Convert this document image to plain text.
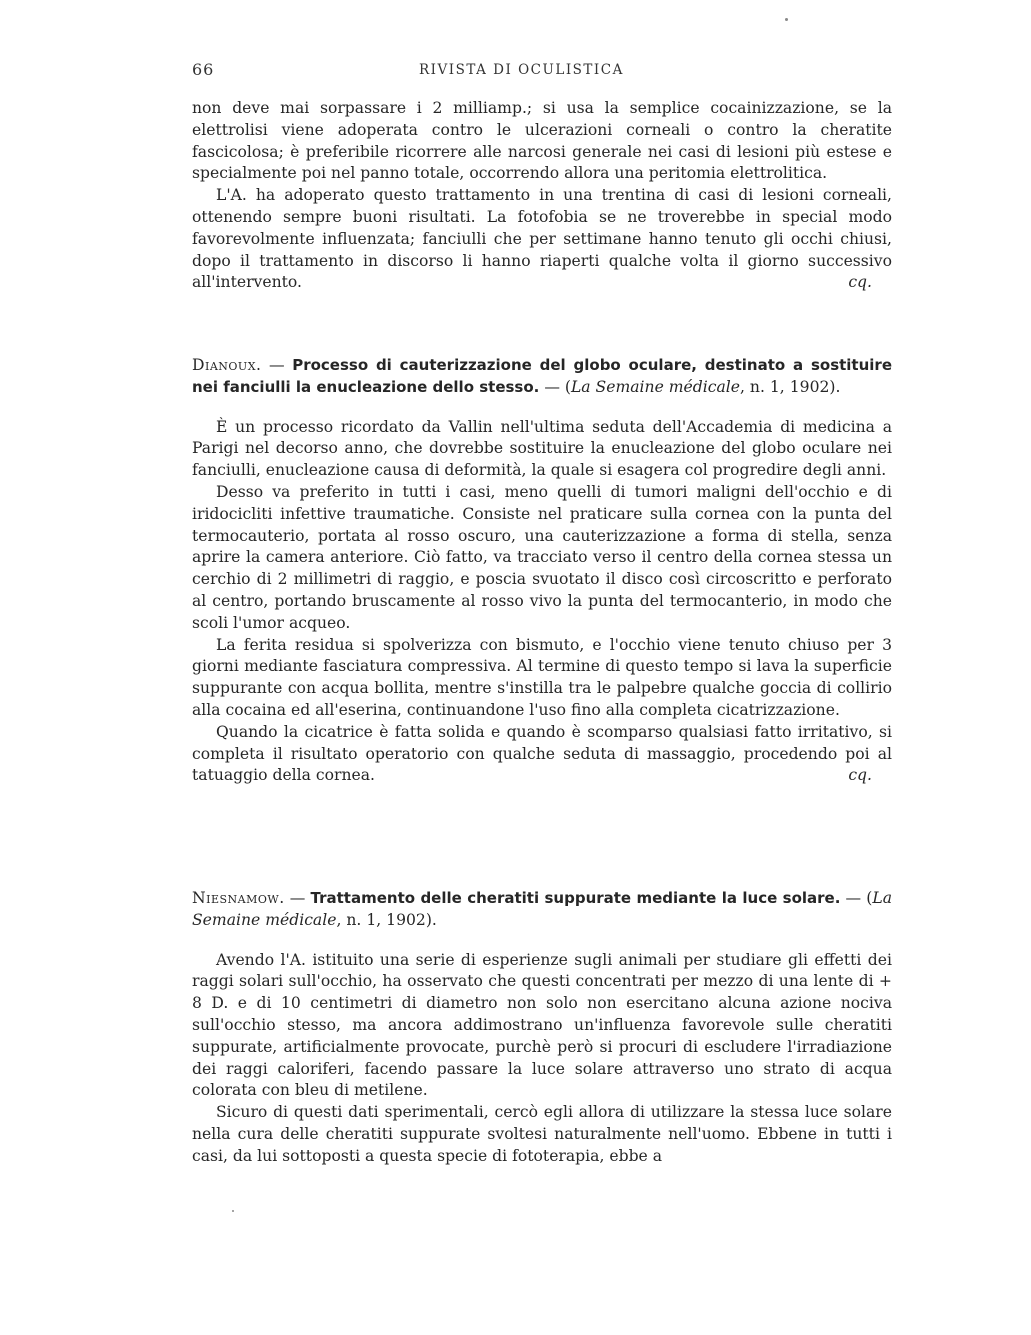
66	RIVISTA DI OCULISTICA

non deve mai sorpassare i 2 milliamp.; si usa la semplice cocainizzazione, se la elettrolisi viene adoperata contro le ulcerazioni corneali o contro la cheratite fascicolosa; è preferibile ricorrere alle narcosi generale nei casi di lesioni più estese e specialmente poi nel panno totale, occorrendo allora una peritomia elettrolitica.

L'A. ha adoperato questo trattamento in una trentina di casi di lesioni corneali, ottenendo sempre buoni risultati. La fotofobia se ne troverebbe in special modo favorevolmente influenzata; fanciulli che per settimane hanno tenuto gli occhi chiusi, dopo il trattamento in discorso li hanno riaperti qualche volta il giorno successivo all'intervento.	cq.

Dianoux. — Processo di cauterizzazione del globo oculare, destinato a sostituire nei fanciulli la enucleazione dello stesso. — (La Semaine médicale, n. 1, 1902).

È un processo ricordato da Vallin nell'ultima seduta dell'Accademia di medicina a Parigi nel decorso anno, che dovrebbe sostituire la enucleazione del globo oculare nei fanciulli, enucleazione causa di deformità, la quale si esagera col progredire degli anni.

Desso va preferito in tutti i casi, meno quelli di tumori maligni dell'occhio e di iridocicliti infettive traumatiche. Consiste nel praticare sulla cornea con la punta del termocauterio, portata al rosso oscuro, una cauterizzazione a forma di stella, senza aprire la camera anteriore. Ciò fatto, va tracciato verso il centro della cornea stessa un cerchio di 2 millimetri di raggio, e poscia svuotato il disco così circoscritto e perforato al centro, portando bruscamente al rosso vivo la punta del termocanterio, in modo che scoli l'umor acqueo.

La ferita residua si spolverizza con bismuto, e l'occhio viene tenuto chiuso per 3 giorni mediante fasciatura compressiva. Al termine di questo tempo si lava la superficie suppurante con acqua bollita, mentre s'instilla tra le palpebre qualche goccia di collirio alla cocaina ed all'eserina, continuandone l'uso fino alla completa cicatrizzazione.

Quando la cicatrice è fatta solida e quando è scomparso qualsiasi fatto irritativo, si completa il risultato operatorio con qualche seduta di massaggio, procedendo poi al tatuaggio della cornea.	cq.

Niesnamow. — Trattamento delle cheratiti suppurate mediante la luce solare. — (La Semaine médicale, n. 1, 1902).

Avendo l'A. istituito una serie di esperienze sugli animali per studiare gli effetti dei raggi solari sull'occhio, ha osservato che questi concentrati per mezzo di una lente di + 8 D. e di 10 centimetri di diametro non solo non esercitano alcuna azione nociva sull'occhio stesso, ma ancora addimostrano un'influenza favorevole sulle cheratiti suppurate, artificialmente provocate, purchè però si procuri di escludere l'irradiazione dei raggi caloriferi, facendo passare la luce solare attraverso uno strato di acqua colorata con bleu di metilene.

Sicuro di questi dati sperimentali, cercò egli allora di utilizzare la stessa luce solare nella cura delle cheratiti suppurate svoltesi naturalmente nell'uomo. Ebbene in tutti i casi, da lui sottoposti a questa specie di fototerapia, ebbe a
